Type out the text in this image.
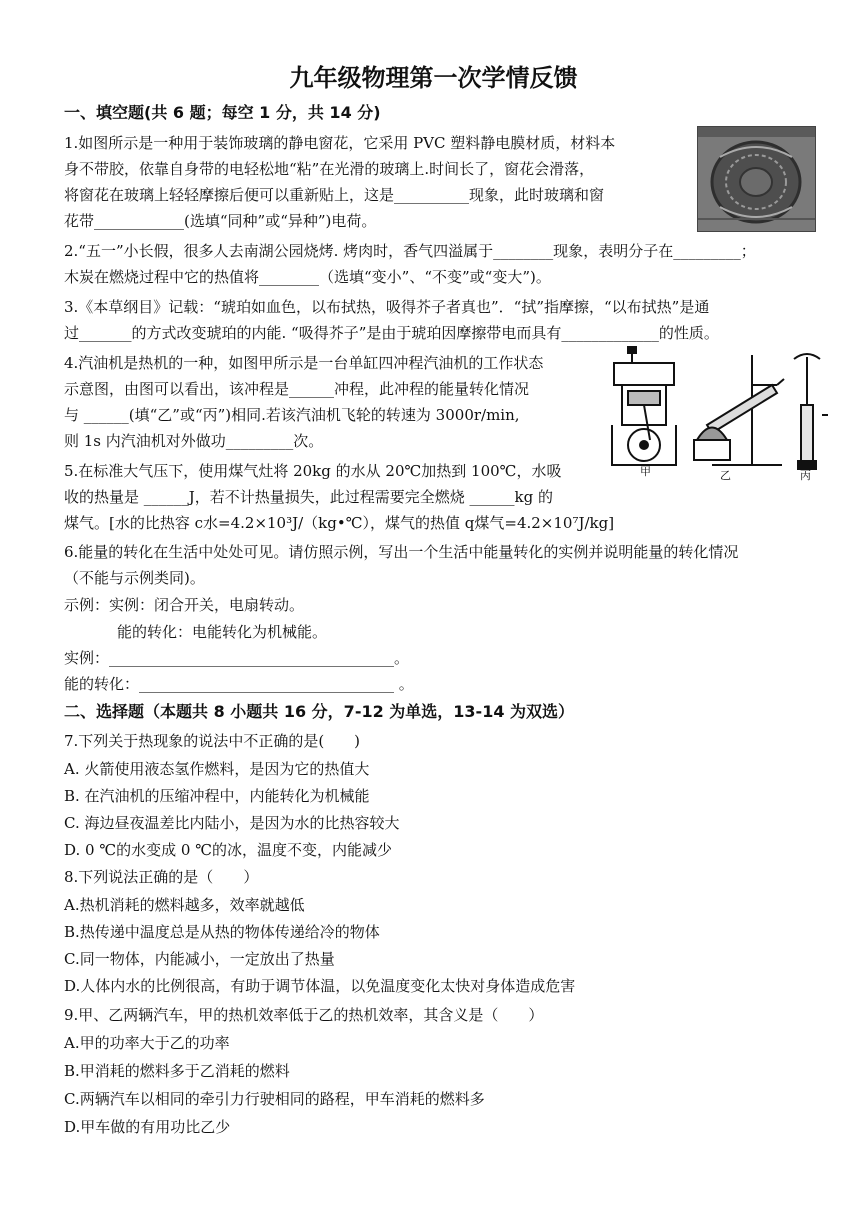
九年级物理第一次学情反馈
一、填空题(共 6 题；每空 1 分，共 14 分)
1.如图所示是一种用于装饰玻璃的静电窗花，它采用 PVC 塑料静电膜材质，材料本
身不带胶，依靠自身带的电轻松地“粘”在光滑的玻璃上.时间长了，窗花会滑落，
将窗花在玻璃上轻轻摩擦后便可以重新贴上，这是__________现象，此时玻璃和窗
花带____________(选填“同种”或“异种”)电荷。
2.“五一”小长假，很多人去南湖公园烧烤. 烤肉时，香气四溢属于________现象，表明分子在_________；
木炭在燃烧过程中它的热值将________（选填“变小”、“不变”或“变大”)。
3.《本草纲目》记载：“琥珀如血色，以布拭热，吸得芥子者真也”．“拭”指摩擦，“以布拭热”是通
过_______的方式改变琥珀的内能. “吸得芥子”是由于琥珀因摩擦带电而具有_____________的性质。
4.汽油机是热机的一种，如图甲所示是一台单缸四冲程汽油机的工作状态
示意图，由图可以看出，该冲程是______冲程，此冲程的能量转化情况
与 ______(填“乙”或“丙”)相同.若该汽油机飞轮的转速为 3000r/min,
则 1s 内汽油机对外做功_________次。
甲	乙	丙
5.在标准大气压下，使用煤气灶将 20kg 的水从 20℃加热到 100℃，水吸
收的热量是 ______J，若不计热量损失，此过程需要完全燃烧 ______kg 的
煤气。[水的比热容 c水=4.2×10³J/（kg•℃），煤气的热值 q煤气=4.2×10⁷J/kg]
6.能量的转化在生活中处处可见。请仿照示例，写出一个生活中能量转化的实例并说明能量的转化情况
（不能与示例类同)。
示例：实例：闭合开关，电扇转动。
能的转化：电能转化为机械能。
实例：______________________________________。
能的转化：__________________________________ 。
二、选择题（本题共 8 小题共 16 分，7-12 为单选，13-14 为双选）
7.下列关于热现象的说法中不正确的是(　　)
A. 火箭使用液态氢作燃料，是因为它的热值大
B. 在汽油机的压缩冲程中，内能转化为机械能
C. 海边昼夜温差比内陆小，是因为水的比热容较大
D. 0 ℃的水变成 0 ℃的冰，温度不变，内能减少
8.下列说法正确的是（　　）
A.热机消耗的燃料越多，效率就越低
B.热传递中温度总是从热的物体传递给冷的物体
C.同一物体，内能减小，一定放出了热量
D.人体内水的比例很高，有助于调节体温，以免温度变化太快对身体造成危害
9.甲、乙两辆汽车，甲的热机效率低于乙的热机效率，其含义是（　　）
A.甲的功率大于乙的功率
B.甲消耗的燃料多于乙消耗的燃料
C.两辆汽车以相同的牵引力行驶相同的路程，甲车消耗的燃料多
D.甲车做的有用功比乙少
